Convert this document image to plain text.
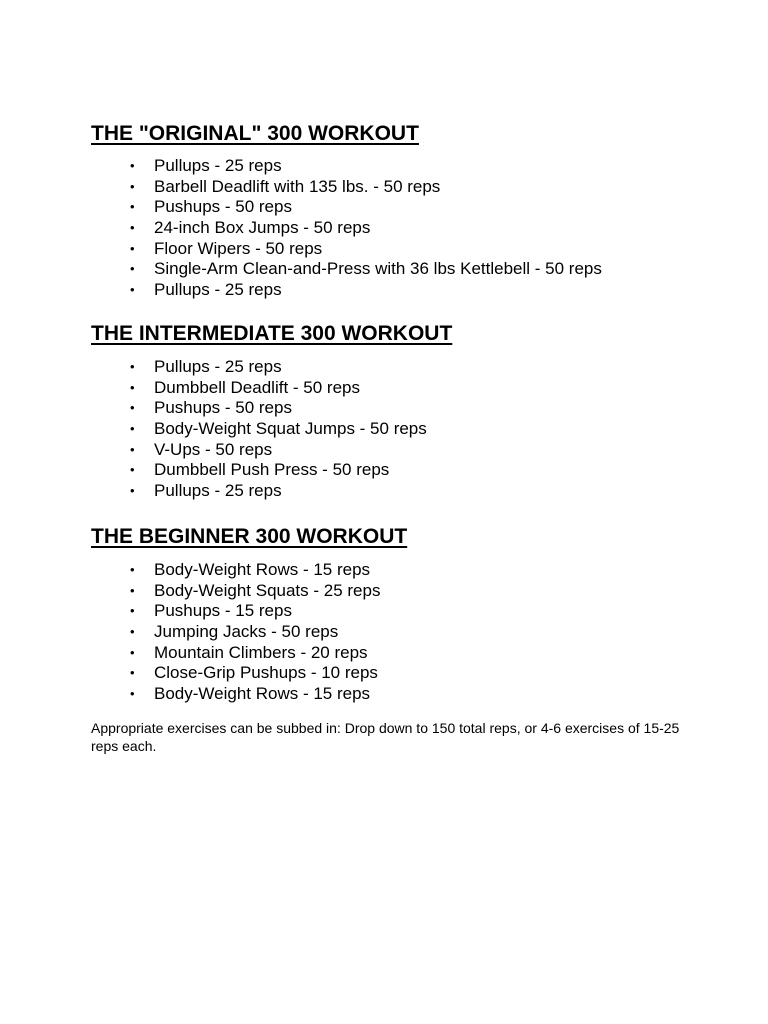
THE "ORIGINAL" 300 WORKOUT
• Pullups - 25 reps
• Barbell Deadlift with 135 lbs. - 50 reps
• Pushups - 50 reps
• 24-inch Box Jumps - 50 reps
• Floor Wipers - 50 reps
• Single-Arm Clean-and-Press with 36 lbs Kettlebell - 50 reps
• Pullups - 25 reps
THE INTERMEDIATE 300 WORKOUT
• Pullups - 25 reps
• Dumbbell Deadlift - 50 reps
• Pushups - 50 reps
• Body-Weight Squat Jumps - 50 reps
• V-Ups - 50 reps
• Dumbbell Push Press - 50 reps
• Pullups - 25 reps
THE BEGINNER 300 WORKOUT
• Body-Weight Rows - 15 reps
• Body-Weight Squats - 25 reps
• Pushups - 15 reps
• Jumping Jacks - 50 reps
• Mountain Climbers - 20 reps
• Close-Grip Pushups - 10 reps
• Body-Weight Rows - 15 reps

Appropriate exercises can be subbed in: Drop down to 150 total reps, or 4-6 exercises of 15-25 reps each.
